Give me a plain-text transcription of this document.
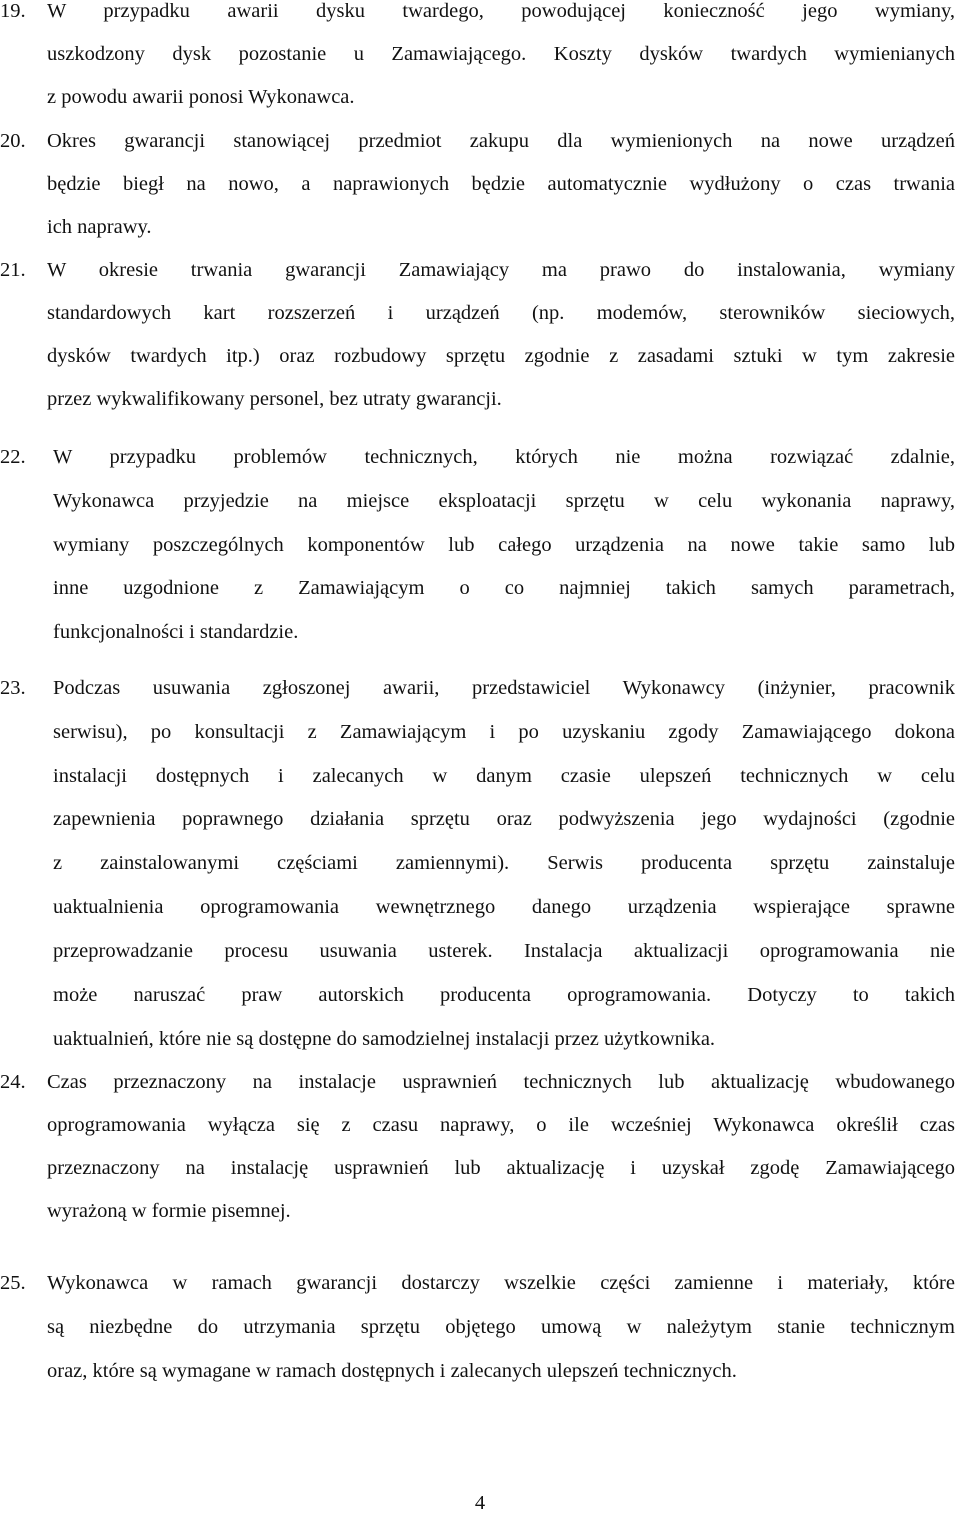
19. W przypadku awarii dysku twardego, powodującej konieczność jego wymiany,
uszkodzony dysk pozostanie u Zamawiającego. Koszty dysków twardych wymienianych
z powodu awarii ponosi Wykonawca.
20. Okres gwarancji stanowiącej przedmiot zakupu dla wymienionych na nowe urządzeń
będzie biegł na nowo, a naprawionych będzie automatycznie wydłużony o czas trwania
ich naprawy.
21. W okresie trwania gwarancji Zamawiający ma prawo do instalowania, wymiany
standardowych kart rozszerzeń i urządzeń (np. modemów, sterowników sieciowych,
dysków twardych itp.) oraz rozbudowy sprzętu zgodnie z zasadami sztuki w tym zakresie
przez wykwalifikowany personel, bez utraty gwarancji.
22. W przypadku problemów technicznych, których nie można rozwiązać zdalnie,
Wykonawca przyjedzie na miejsce eksploatacji sprzętu w celu wykonania naprawy,
wymiany poszczególnych komponentów lub całego urządzenia na nowe takie samo lub
inne uzgodnione z Zamawiającym o co najmniej takich samych parametrach,
funkcjonalności i standardzie.
23. Podczas usuwania zgłoszonej awarii, przedstawiciel Wykonawcy (inżynier, pracownik
serwisu), po konsultacji z Zamawiającym i po uzyskaniu zgody Zamawiającego dokona
instalacji dostępnych i zalecanych w danym czasie ulepszeń technicznych w celu
zapewnienia poprawnego działania sprzętu oraz podwyższenia jego wydajności (zgodnie
z zainstalowanymi częściami zamiennymi). Serwis producenta sprzętu zainstaluje
uaktualnienia oprogramowania wewnętrznego danego urządzenia wspierające sprawne
przeprowadzanie procesu usuwania usterek. Instalacja aktualizacji oprogramowania nie
może naruszać praw autorskich producenta oprogramowania. Dotyczy to takich
uaktualnień, które nie są dostępne do samodzielnej instalacji przez użytkownika.
24. Czas przeznaczony na instalacje usprawnień technicznych lub aktualizację wbudowanego
oprogramowania wyłącza się z czasu naprawy, o ile wcześniej Wykonawca określił czas
przeznaczony na instalację usprawnień lub aktualizację i uzyskał zgodę Zamawiającego
wyrażoną w formie pisemnej.
25. Wykonawca w ramach gwarancji dostarczy wszelkie części zamienne i materiały, które
są niezbędne do utrzymania sprzętu objętego umową w należytym stanie technicznym
oraz, które są wymagane w ramach dostępnych i zalecanych ulepszeń technicznych.
4
